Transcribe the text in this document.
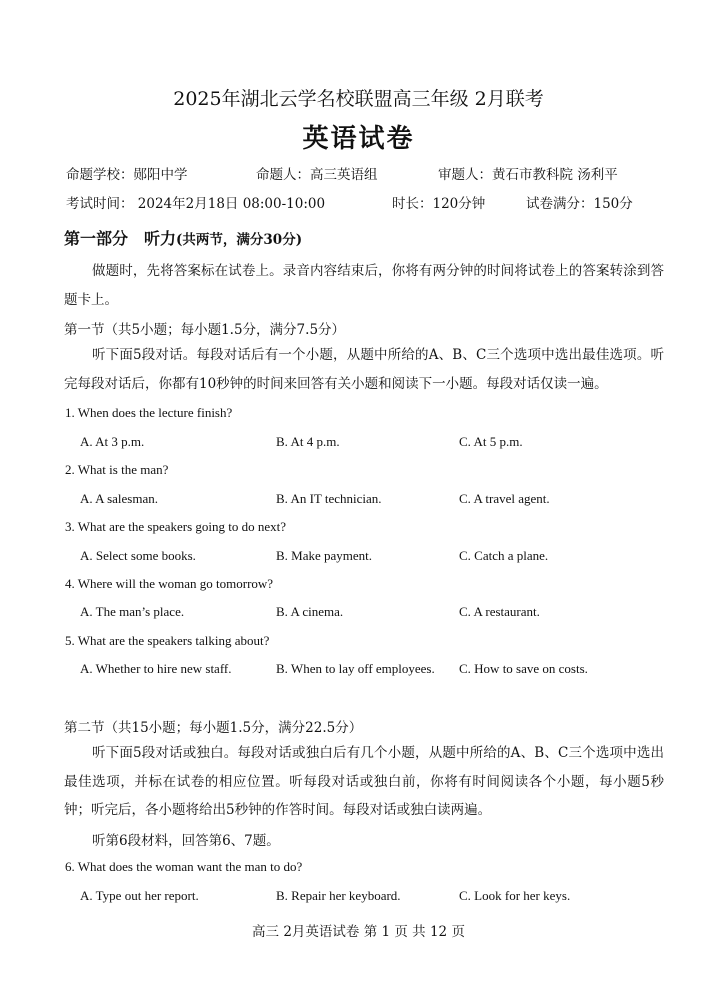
2025年湖北云学名校联盟高三年级 2月联考
英语试卷
命题学校：郧阳中学	命题人：高三英语组	审题人：黄石市教科院 汤利平
考试时间： 2024年2月18日 08:00-10:00	时长：120分钟	试卷满分：150分
第一部分　听力(共两节，满分30分)
做题时，先将答案标在试卷上。录音内容结束后，你将有两分钟的时间将试卷上的答案转涂到答题卡上。
第一节（共5小题；每小题1.5分，满分7.5分）
听下面5段对话。每段对话后有一个小题，从题中所给的A、B、C三个选项中选出最佳选项。听完每段对话后，你都有10秒钟的时间来回答有关小题和阅读下一小题。每段对话仅读一遍。
1. When does the lecture finish?
A. At 3 p.m.	B. At 4 p.m.	C. At 5 p.m.
2. What is the man?
A. A salesman.	B. An IT technician.	C. A travel agent.
3. What are the speakers going to do next?
A. Select some books.	B. Make payment.	C. Catch a plane.
4. Where will the woman go tomorrow?
A. The man’s place.	B. A cinema.	C. A restaurant.
5. What are the speakers talking about?
A. Whether to hire new staff.	B. When to lay off employees. C. How to save on costs.
第二节（共15小题；每小题1.5分，满分22.5分）
听下面5段对话或独白。每段对话或独白后有几个小题，从题中所给的A、B、C三个选项中选出最佳选项，并标在试卷的相应位置。听每段对话或独白前，你将有时间阅读各个小题，每小题5秒钟；听完后，各小题将给出5秒钟的作答时间。每段对话或独白读两遍。
听第6段材料，回答第6、7题。
6. What does the woman want the man to do?
A. Type out her report.	B. Repair her keyboard.	C. Look for her keys.
高三 2月英语试卷 第 1 页 共 12 页
